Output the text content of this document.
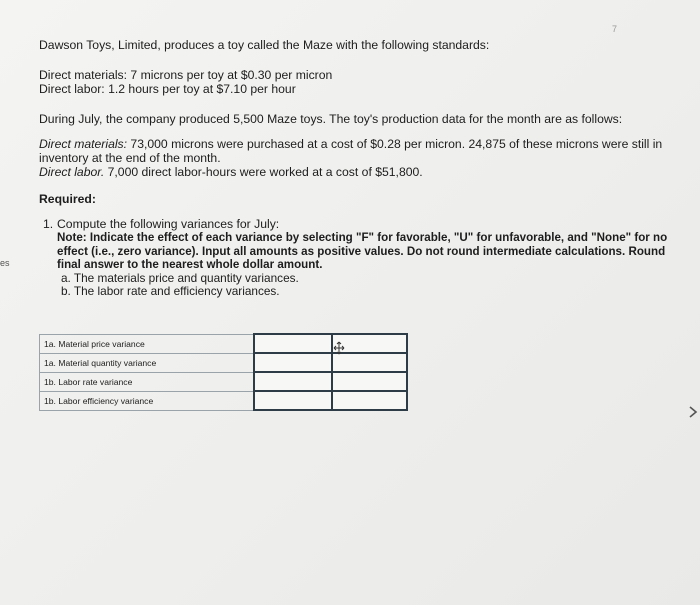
7
es

Dawson Toys, Limited, produces a toy called the Maze with the following standards:

Direct materials: 7 microns per toy at $0.30 per micron

Direct labor: 1.2 hours per toy at $7.10 per hour

During July, the company produced 5,500 Maze toys. The toy's production data for the month are as follows:

Direct materials: 73,000 microns were purchased at a cost of $0.28 per micron. 24,875 of these microns were still in inventory at the end of the month.

Direct labor. 7,000 direct labor-hours were worked at a cost of $51,800.

Required:

1. Compute the following variances for July:
Note: Indicate the effect of each variance by selecting "F" for favorable, "U" for unfavorable, and "None" for no effect (i.e., zero variance). Input all amounts as positive values. Do not round intermediate calculations. Round final answer to the nearest whole dollar amount.
a. The materials price and quantity variances.
b. The labor rate and efficiency variances.
1a. Material price variance		
1a. Material quantity variance		
1b. Labor rate variance		
1b. Labor efficiency variance		
